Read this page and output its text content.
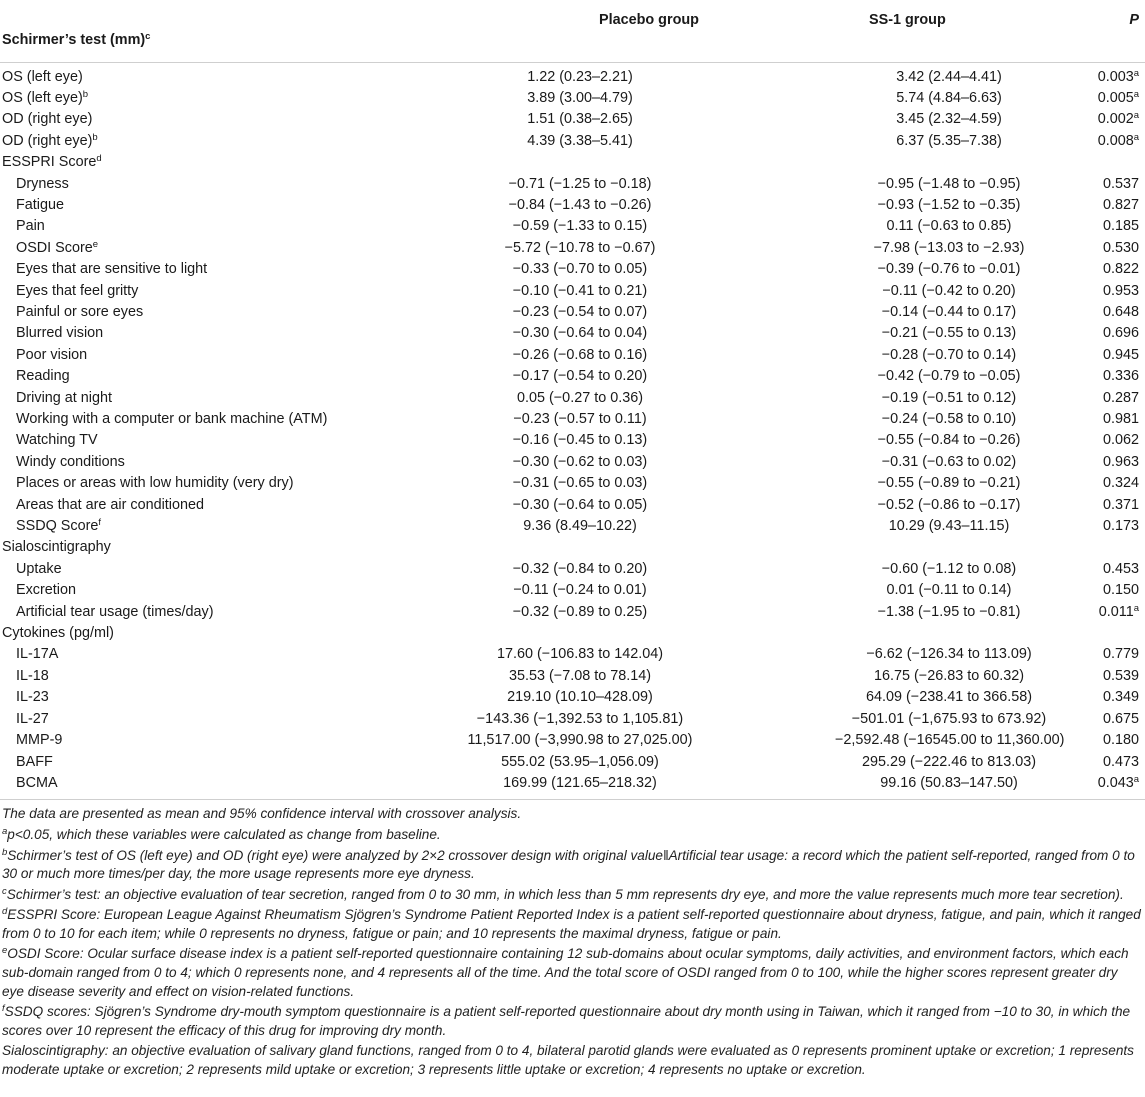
Schirmer’s test (mm)$^c$	Placebo group	SS-1 group	P
OS (left eye)	1.22 (0.23–2.21)	3.42 (2.44–4.41)	0.003$^a$
OS (left eye)$^b$	3.89 (3.00–4.79)	5.74 (4.84–6.63)	0.005$^a$
OD (right eye)	1.51 (0.38–2.65)	3.45 (2.32–4.59)	0.002$^a$
OD (right eye)$^b$	4.39 (3.38–5.41)	6.37 (5.35–7.38)	0.008$^a$
ESSPRI Score$^d$			
Dryness	−0.71 (−1.25 to −0.18)	−0.95 (−1.48 to −0.95)	0.537
Fatigue	−0.84 (−1.43 to −0.26)	−0.93 (−1.52 to −0.35)	0.827
Pain	−0.59 (−1.33 to 0.15)	0.11 (−0.63 to 0.85)	0.185
OSDI Score$^e$	−5.72 (−10.78 to −0.67)	−7.98 (−13.03 to −2.93)	0.530
Eyes that are sensitive to light	−0.33 (−0.70 to 0.05)	−0.39 (−0.76 to −0.01)	0.822
Eyes that feel gritty	−0.10 (−0.41 to 0.21)	−0.11 (−0.42 to 0.20)	0.953
Painful or sore eyes	−0.23 (−0.54 to 0.07)	−0.14 (−0.44 to 0.17)	0.648
Blurred vision	−0.30 (−0.64 to 0.04)	−0.21 (−0.55 to 0.13)	0.696
Poor vision	−0.26 (−0.68 to 0.16)	−0.28 (−0.70 to 0.14)	0.945
Reading	−0.17 (−0.54 to 0.20)	−0.42 (−0.79 to −0.05)	0.336
Driving at night	0.05 (−0.27 to 0.36)	−0.19 (−0.51 to 0.12)	0.287
Working with a computer or bank machine (ATM)	−0.23 (−0.57 to 0.11)	−0.24 (−0.58 to 0.10)	0.981
Watching TV	−0.16 (−0.45 to 0.13)	−0.55 (−0.84 to −0.26)	0.062
Windy conditions	−0.30 (−0.62 to 0.03)	−0.31 (−0.63 to 0.02)	0.963
Places or areas with low humidity (very dry)	−0.31 (−0.65 to 0.03)	−0.55 (−0.89 to −0.21)	0.324
Areas that are air conditioned	−0.30 (−0.64 to 0.05)	−0.52 (−0.86 to −0.17)	0.371
SSDQ Score$^f$	9.36 (8.49–10.22)	10.29 (9.43–11.15)	0.173
Sialoscintigraphy			
Uptake	−0.32 (−0.84 to 0.20)	−0.60 (−1.12 to 0.08)	0.453
Excretion	−0.11 (−0.24 to 0.01)	0.01 (−0.11 to 0.14)	0.150
Artificial tear usage (times/day)	−0.32 (−0.89 to 0.25)	−1.38 (−1.95 to −0.81)	0.011$^a$
Cytokines (pg/ml)			
IL-17A	17.60 (−106.83 to 142.04)	−6.62 (−126.34 to 113.09)	0.779
IL-18	35.53 (−7.08 to 78.14)	16.75 (−26.83 to 60.32)	0.539
IL-23	219.10 (10.10–428.09)	64.09 (−238.41 to 366.58)	0.349
IL-27	−143.36 (−1,392.53 to 1,105.81)	−501.01 (−1,675.93 to 673.92)	0.675
MMP-9	11,517.00 (−3,990.98 to 27,025.00)	−2,592.48 (−16545.00 to 11,360.00)	0.180
BAFF	555.02 (53.95–1,056.09)	295.29 (−222.46 to 813.03)	0.473
BCMA	169.99 (121.65–218.32)	99.16 (50.83–147.50)	0.043$^a$

The data are presented as mean and 95% confidence interval with crossover analysis.

$^a$p<0.05, which these variables were calculated as change from baseline.

$^b$Schirmer’s test of OS (left eye) and OD (right eye) were analyzed by 2×2 crossover design with original value‖Artificial tear usage: a record which the patient self-reported, ranged from 0 to 30 or much more times/per day, the more usage represents more eye dryness.

$^c$Schirmer’s test: an objective evaluation of tear secretion, ranged from 0 to 30 mm, in which less than 5 mm represents dry eye, and more the value represents much more tear secretion).

$^d$ESSPRI Score: European League Against Rheumatism Sjögren’s Syndrome Patient Reported Index is a patient self-reported questionnaire about dryness, fatigue, and pain, which it ranged from 0 to 10 for each item; while 0 represents no dryness, fatigue or pain; and 10 represents the maximal dryness, fatigue or pain.

$^e$OSDI Score: Ocular surface disease index is a patient self-reported questionnaire containing 12 sub-domains about ocular symptoms, daily activities, and environment factors, which each sub-domain ranged from 0 to 4; which 0 represents none, and 4 represents all of the time. And the total score of OSDI ranged from 0 to 100, while the higher scores represent greater dry eye disease severity and effect on vision-related functions.

$^f$SSDQ scores: Sjögren’s Syndrome dry-mouth symptom questionnaire is a patient self-reported questionnaire about dry month using in Taiwan, which it ranged from −10 to 30, in which the scores over 10 represent the efficacy of this drug for improving dry month.

Sialoscintigraphy: an objective evaluation of salivary gland functions, ranged from 0 to 4, bilateral parotid glands were evaluated as 0 represents prominent uptake or excretion; 1 represents moderate uptake or excretion; 2 represents mild uptake or excretion; 3 represents little uptake or excretion; 4 represents no uptake or excretion.
